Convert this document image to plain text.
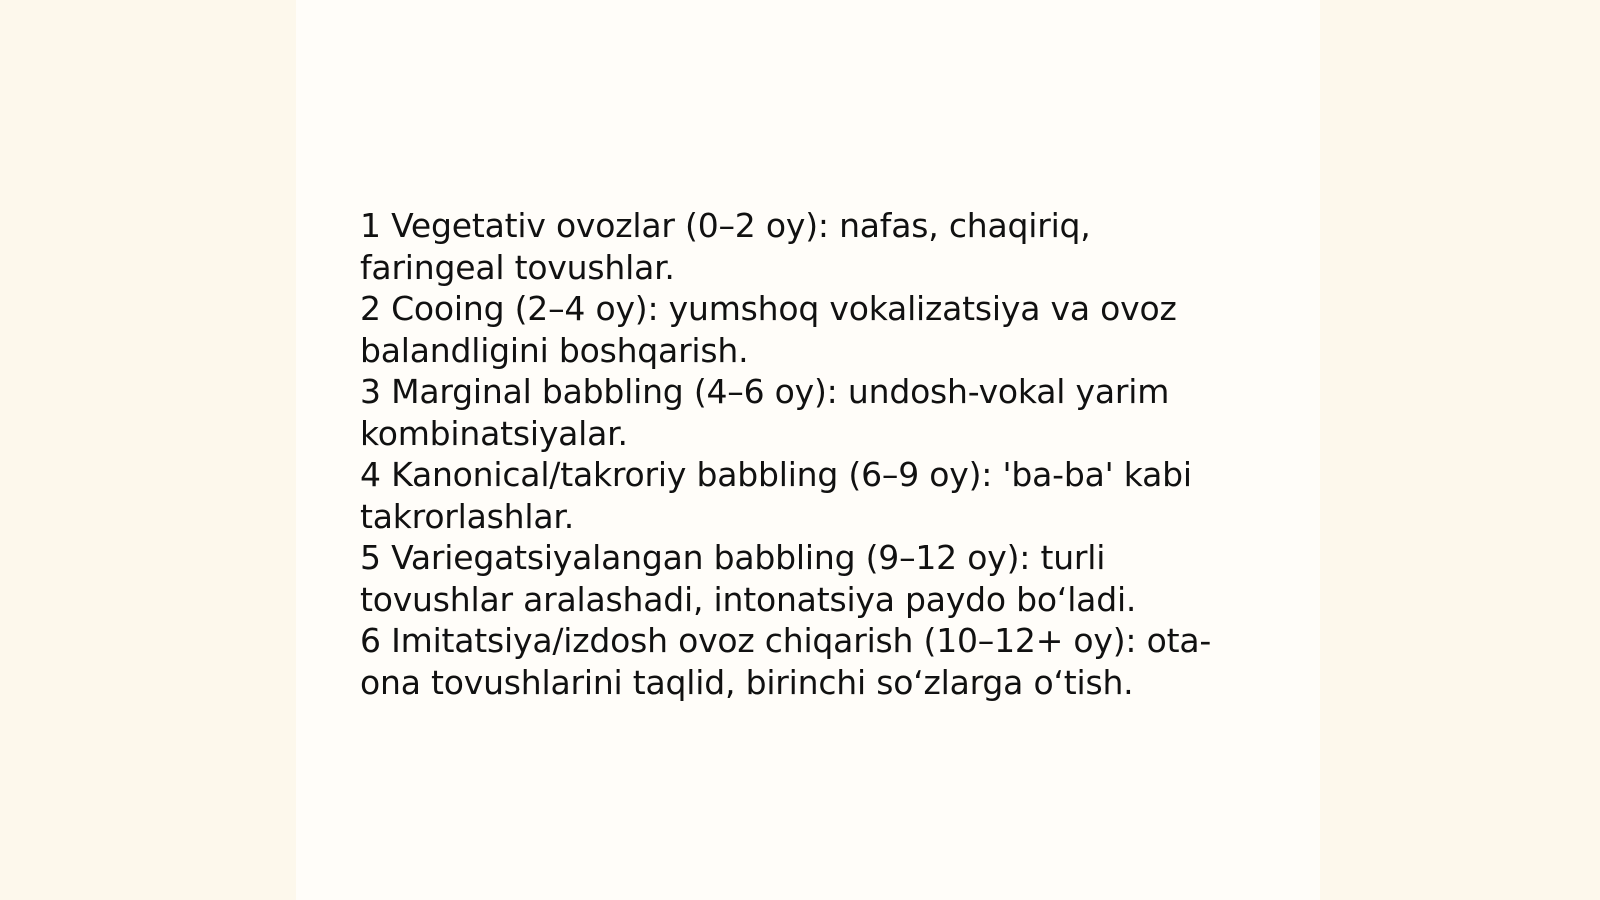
1 Vegetativ ovozlar (0–2 oy): nafas, chaqiriq, faringeal tovushlar.

2 Cooing (2–4 oy): yumshoq vokalizatsiya va ovoz balandligini boshqarish.

3 Marginal babbling (4–6 oy): undosh-vokal yarim kombinatsiyalar.

4 Kanonical/takroriy babbling (6–9 oy): 'ba-ba' kabi takrorlashlar.

5 Variegatsiyalangan babbling (9–12 oy): turli tovushlar aralashadi, intonatsiya paydo bo‘ladi.

6 Imitatsiya/izdosh ovoz chiqarish (10–12+ oy): ota-ona tovushlarini taqlid, birinchi so‘zlarga o‘tish.
